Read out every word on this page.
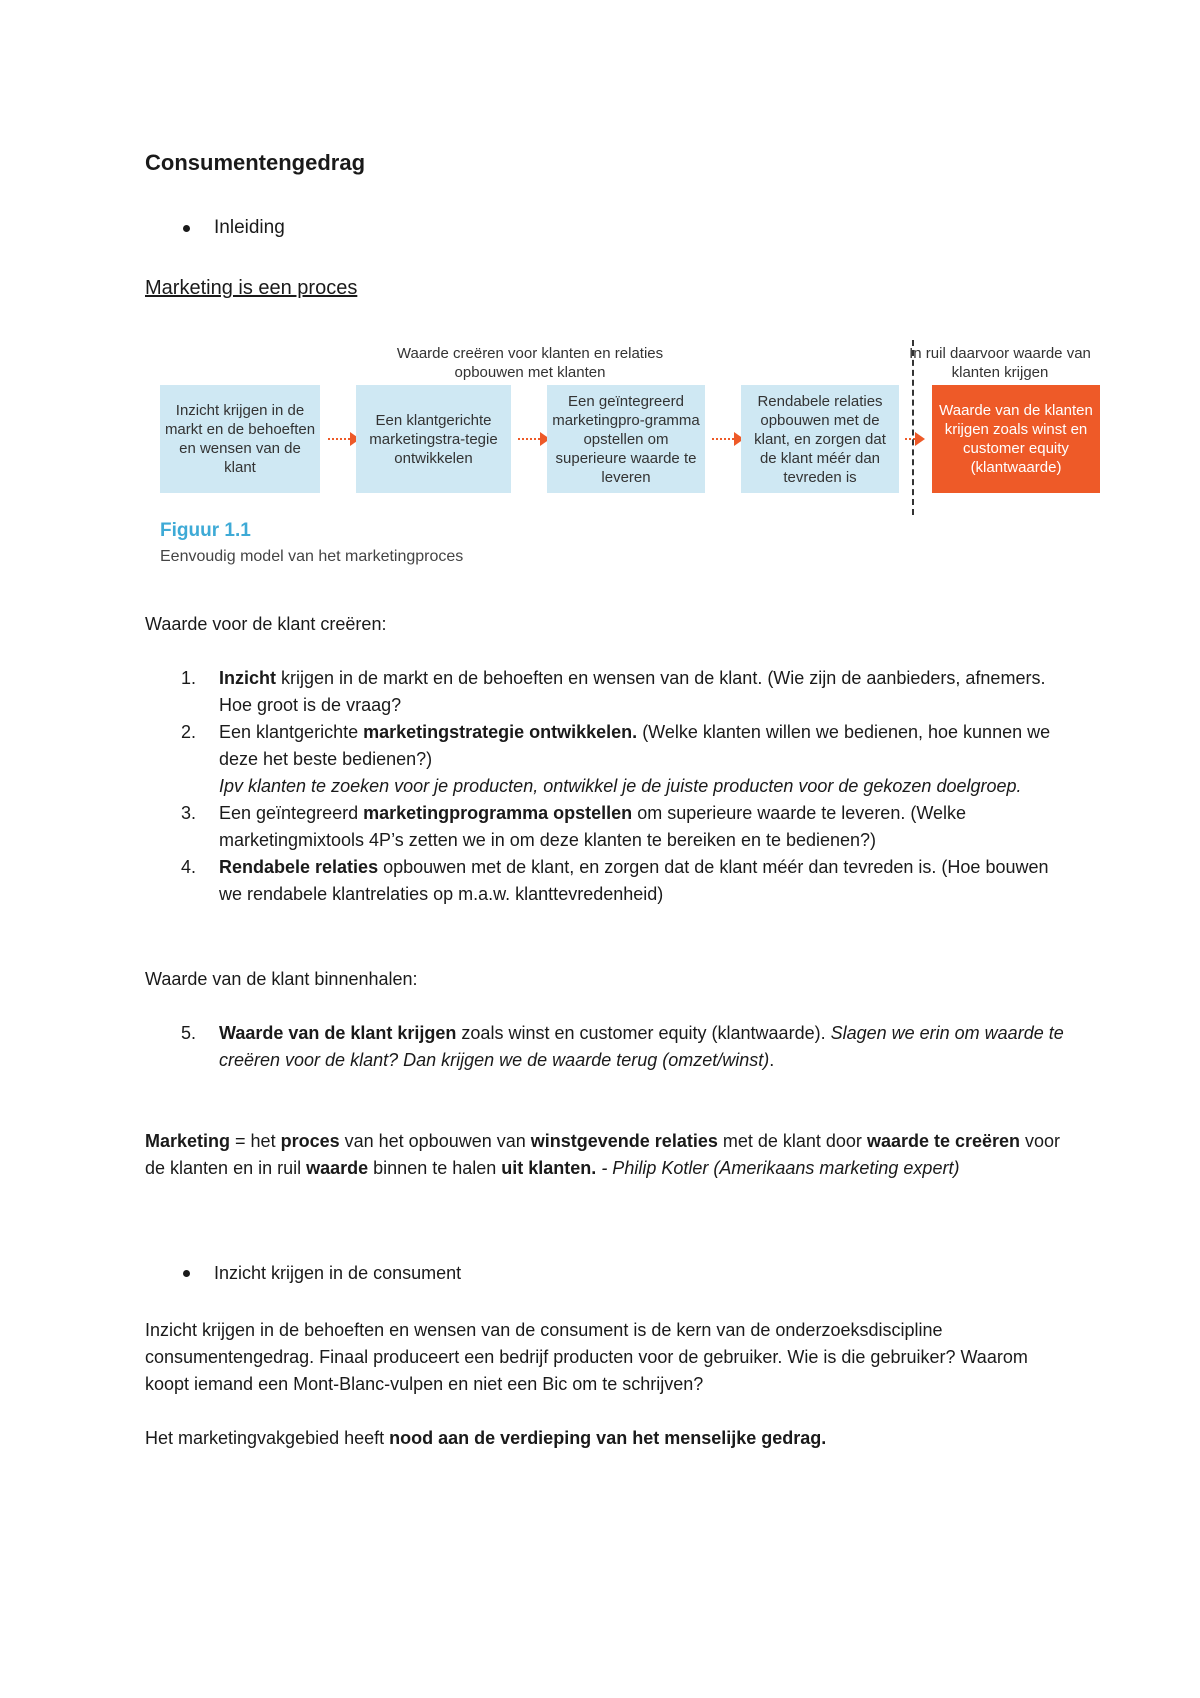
Consumentengedrag
Inleiding
Marketing is een proces
Waarde creëren voor klanten en relaties opbouwen met klanten
In ruil daarvoor waarde van klanten krijgen
Inzicht krijgen in de markt en de behoeften en wensen van de klant
Een klantgerichte marketingstra-tegie ontwikkelen
Een geïntegreerd marketingpro-gramma opstellen om superieure waarde te leveren
Rendabele relaties opbouwen met de klant, en zorgen dat de klant méér dan tevreden is
Waarde van de klanten krijgen zoals winst en customer equity (klantwaarde)
Figuur 1.1
Eenvoudig model van het marketingproces
Waarde voor de klant creëren:
1.	Inzicht krijgen in de markt en de behoeften en wensen van de klant. (Wie zijn de aanbieders, afnemers. Hoe groot is de vraag?
2.	Een klantgerichte marketingstrategie ontwikkelen. (Welke klanten willen we bedienen, hoe kunnen we deze het beste bedienen?)
Ipv klanten te zoeken voor je producten, ontwikkel je de juiste producten voor de gekozen doelgroep.
3.	Een geïntegreerd marketingprogramma opstellen om superieure waarde te leveren. (Welke marketingmixtools 4P’s zetten we in om deze klanten te bereiken en te bedienen?)
4.	Rendabele relaties opbouwen met de klant, en zorgen dat de klant méér dan tevreden is. (Hoe bouwen we rendabele klantrelaties op m.a.w. klanttevredenheid)
Waarde van de klant binnenhalen:
5.	Waarde van de klant krijgen zoals winst en customer equity (klantwaarde). Slagen we erin om waarde te creëren voor de klant? Dan krijgen we de waarde terug (omzet/winst).
Marketing = het proces van het opbouwen van winstgevende relaties met de klant door waarde te creëren voor de klanten en in ruil waarde binnen te halen uit klanten. - Philip Kotler (Amerikaans marketing expert)
Inzicht krijgen in de consument
Inzicht krijgen in de behoeften en wensen van de consument is de kern van de onderzoeksdiscipline consumentengedrag. Finaal produceert een bedrijf producten voor de gebruiker. Wie is die gebruiker? Waarom koopt iemand een Mont-Blanc-vulpen en niet een Bic om te schrijven?
Het marketingvakgebied heeft nood aan de verdieping van het menselijke gedrag.
